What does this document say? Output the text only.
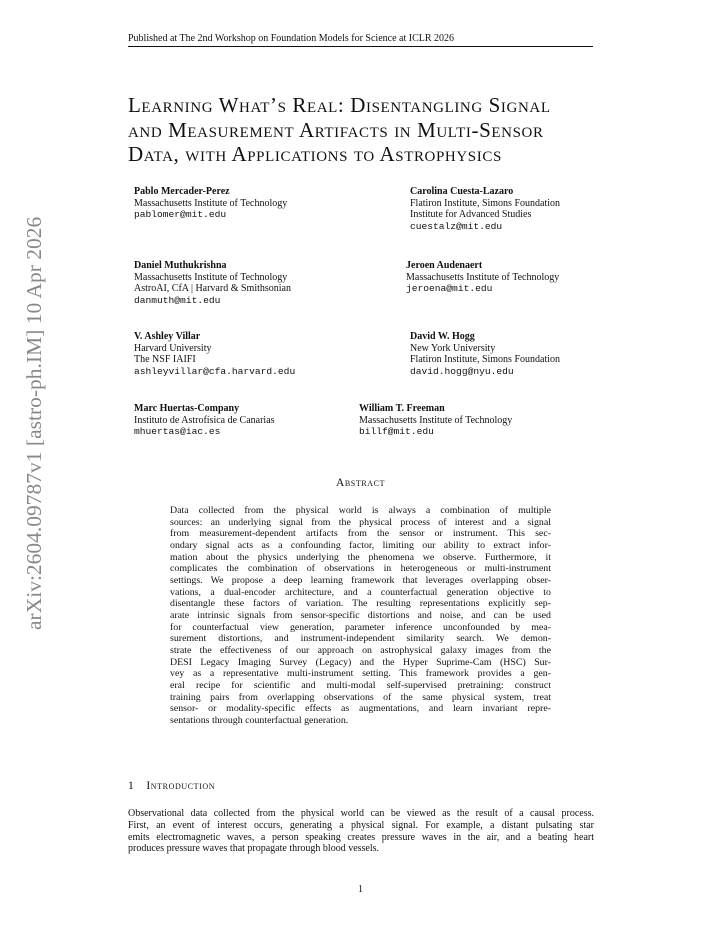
Published at The 2nd Workshop on Foundation Models for Science at ICLR 2026
arXiv:2604.09787v1 [astro-ph.IM] 10 Apr 2026
Learning What’s Real: Disentangling Signal
and Measurement Artifacts in Multi-Sensor
Data, with Applications to Astrophysics
Pablo Mercader-Perez
Massachusetts Institute of Technology
pablomer@mit.edu
Carolina Cuesta-Lazaro
Flatiron Institute, Simons Foundation
Institute for Advanced Studies
cuestalz@mit.edu
Daniel Muthukrishna
Massachusetts Institute of Technology
AstroAI, CfA | Harvard & Smithsonian
danmuth@mit.edu
Jeroen Audenaert
Massachusetts Institute of Technology
jeroena@mit.edu
V. Ashley Villar
Harvard University
The NSF IAIFI
ashleyvillar@cfa.harvard.edu
David W. Hogg
New York University
Flatiron Institute, Simons Foundation
david.hogg@nyu.edu
Marc Huertas-Company
Instituto de Astrofísica de Canarias
mhuertas@iac.es
William T. Freeman
Massachusetts Institute of Technology
billf@mit.edu
Abstract
Data collected from the physical world is always a combination of multiple
sources: an underlying signal from the physical process of interest and a signal
from measurement-dependent artifacts from the sensor or instrument. This sec-
ondary signal acts as a confounding factor, limiting our ability to extract infor-
mation about the physics underlying the phenomena we observe. Furthermore, it
complicates the combination of observations in heterogeneous or multi-instrument
settings. We propose a deep learning framework that leverages overlapping obser-
vations, a dual-encoder architecture, and a counterfactual generation objective to
disentangle these factors of variation. The resulting representations explicitly sep-
arate intrinsic signals from sensor-specific distortions and noise, and can be used
for counterfactual view generation, parameter inference unconfounded by mea-
surement distortions, and instrument-independent similarity search. We demon-
strate the effectiveness of our approach on astrophysical galaxy images from the
DESI Legacy Imaging Survey (Legacy) and the Hyper Suprime-Cam (HSC) Sur-
vey as a representative multi-instrument setting. This framework provides a gen-
eral recipe for scientific and multi-modal self-supervised pretraining: construct
training pairs from overlapping observations of the same physical system, treat
sensor- or modality-specific effects as augmentations, and learn invariant repre-
sentations through counterfactual generation.
1 Introduction
Observational data collected from the physical world can be viewed as the result of a causal process.
First, an event of interest occurs, generating a physical signal. For example, a distant pulsating star
emits electromagnetic waves, a person speaking creates pressure waves in the air, and a beating heart
produces pressure waves that propagate through blood vessels.
1
